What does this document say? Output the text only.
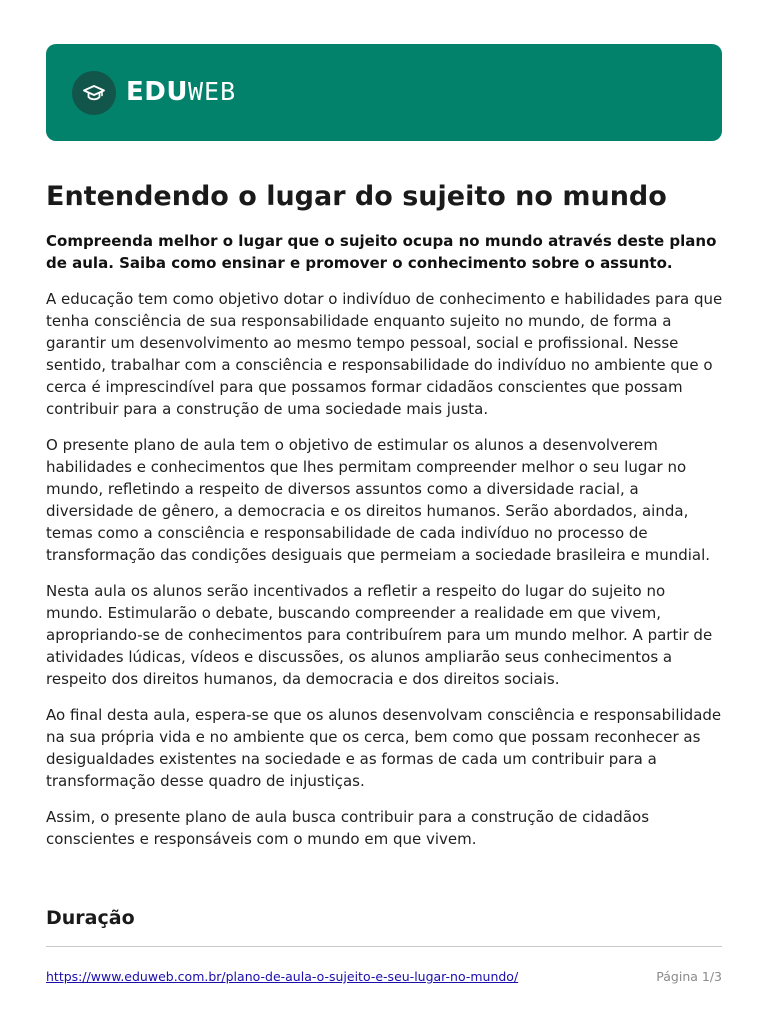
EDUWEB
Entendendo o lugar do sujeito no mundo

Compreenda melhor o lugar que o sujeito ocupa no mundo através deste plano de aula. Saiba como ensinar e promover o conhecimento sobre o assunto.

A educação tem como objetivo dotar o indivíduo de conhecimento e habilidades para que tenha consciência de sua responsabilidade enquanto sujeito no mundo, de forma a garantir um desenvolvimento ao mesmo tempo pessoal, social e profissional. Nesse sentido, trabalhar com a consciência e responsabilidade do indivíduo no ambiente que o cerca é imprescindível para que possamos formar cidadãos conscientes que possam contribuir para a construção de uma sociedade mais justa.

O presente plano de aula tem o objetivo de estimular os alunos a desenvolverem habilidades e conhecimentos que lhes permitam compreender melhor o seu lugar no mundo, refletindo a respeito de diversos assuntos como a diversidade racial, a diversidade de gênero, a democracia e os direitos humanos. Serão abordados, ainda, temas como a consciência e responsabilidade de cada indivíduo no processo de transformação das condições desiguais que permeiam a sociedade brasileira e mundial.

Nesta aula os alunos serão incentivados a refletir a respeito do lugar do sujeito no mundo. Estimularão o debate, buscando compreender a realidade em que vivem, apropriando-se de conhecimentos para contribuírem para um mundo melhor. A partir de atividades lúdicas, vídeos e discussões, os alunos ampliarão seus conhecimentos a respeito dos direitos humanos, da democracia e dos direitos sociais.

Ao final desta aula, espera-se que os alunos desenvolvam consciência e responsabilidade na sua própria vida e no ambiente que os cerca, bem como que possam reconhecer as desigualdades existentes na sociedade e as formas de cada um contribuir para a transformação desse quadro de injustiças.

Assim, o presente plano de aula busca contribuir para a construção de cidadãos conscientes e responsáveis com o mundo em que vivem.

Duração
https://www.eduweb.com.br/plano-de-aula-o-sujeito-e-seu-lugar-no-mundo/	Página 1/3
